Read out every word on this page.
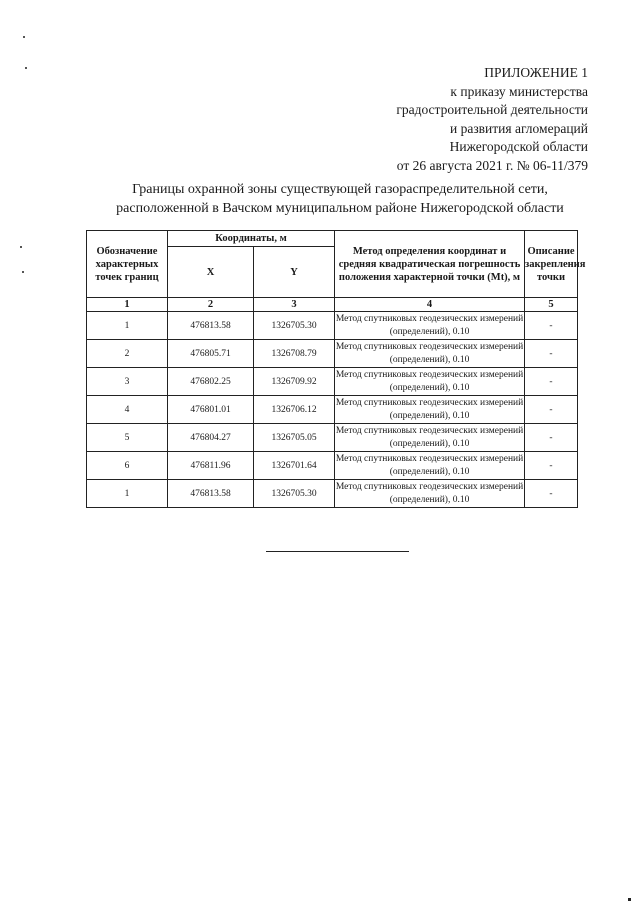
ПРИЛОЖЕНИЕ 1
к приказу министерства
градостроительной деятельности
и развития агломераций
Нижегородской области
от 26 августа 2021 г. № 06-11/379
Границы охранной зоны существующей газораспределительной сети,
расположенной в Вачском муниципальном районе Нижегородской области
Обозначение характерных точек границ	Координаты, м		Метод определения координат и средняя квадратическая погрешность положения характерной точки (Mt), м	Описание закрепления точки
	X	Y		
1	2	3	4	5
1	476813.58	1326705.30	Метод спутниковых геодезических измерений (определений), 0.10	-
2	476805.71	1326708.79	Метод спутниковых геодезических измерений (определений), 0.10	-
3	476802.25	1326709.92	Метод спутниковых геодезических измерений (определений), 0.10	-
4	476801.01	1326706.12	Метод спутниковых геодезических измерений (определений), 0.10	-
5	476804.27	1326705.05	Метод спутниковых геодезических измерений (определений), 0.10	-
6	476811.96	1326701.64	Метод спутниковых геодезических измерений (определений), 0.10	-
1	476813.58	1326705.30	Метод спутниковых геодезических измерений (определений), 0.10	-
